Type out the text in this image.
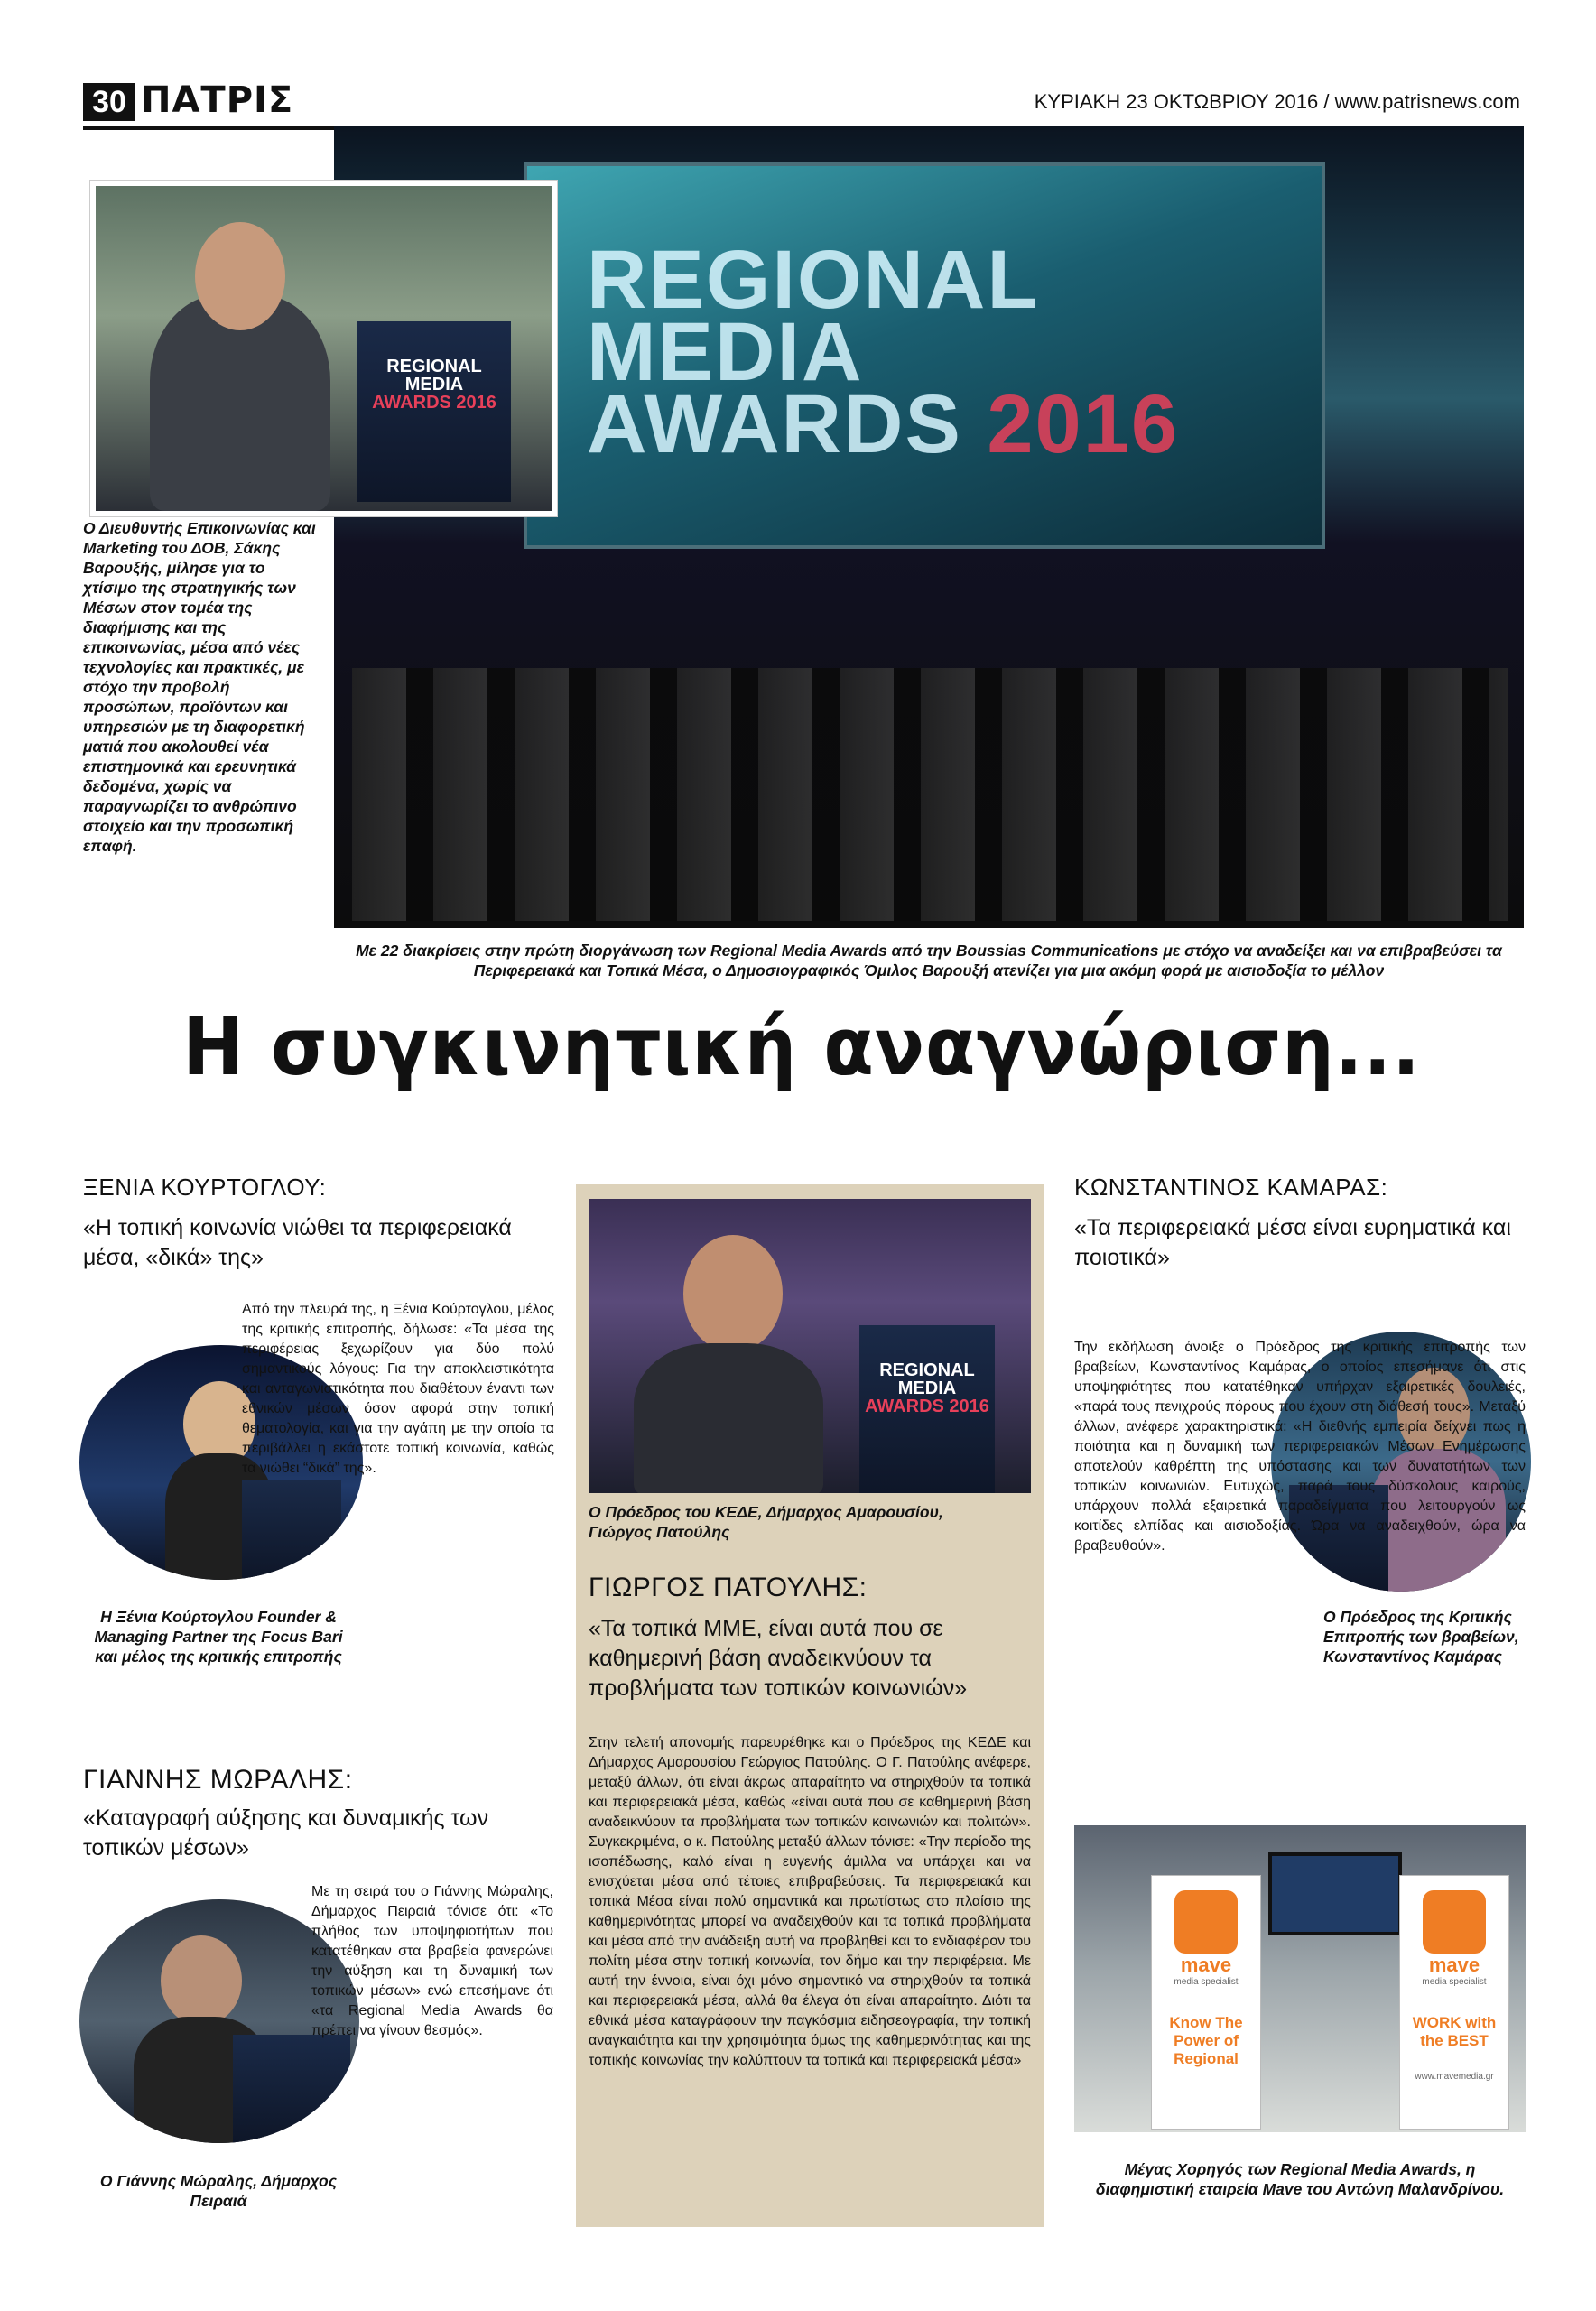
30 ΠΑΤΡΙΣ	ΚΥΡΙΑΚΗ 23 ΟΚΤΩΒΡΙΟΥ 2016 / www.patrisnews.com
REGIONAL
MEDIA
AWARDS 2016
REGIONAL
MEDIA
AWARDS 2016
Ο Διευθυντής Επικοινωνίας και Marketing του ΔΟΒ, Σάκης Βαρουξής, μίλησε για το χτίσιμο της στρατηγικής των Μέσων στον τομέα της διαφήμισης και της επικοινωνίας, μέσα από νέες τεχνολογίες και πρακτικές, με στόχο την προβολή προσώπων, προϊόντων και υπηρεσιών με τη διαφορετική ματιά που ακολουθεί νέα επιστημονικά και ερευνητικά δεδομένα, χωρίς να παραγνωρίζει το ανθρώπινο στοιχείο και την προσωπική επαφή.
Με 22 διακρίσεις στην πρώτη διοργάνωση των Regional Media Awards από την Boussias Communications με στόχο να αναδείξει και να επιβραβεύσει τα Περιφερειακά και Τοπικά Μέσα, ο Δημοσιογραφικός Όμιλος Βαρουξή ατενίζει για μια ακόμη φορά με αισιοδοξία το μέλλον
Η συγκινητική αναγνώριση...
ΞΕΝΙΑ ΚΟΥΡΤΟΓΛΟΥ:
«Η τοπική κοινωνία νιώθει τα περιφερειακά μέσα, «δικά» της»
Από την πλευρά της, η Ξένια Κούρτογλου, μέλος της κριτικής επιτροπής, δήλωσε: «Τα μέσα της περιφέρειας ξεχωρίζουν για δύο πολύ σημαντικούς λόγους: Για την αποκλειστικότητα και ανταγωνιστικότητα που διαθέτουν έναντι των εθνικών μέσων όσον αφορά στην τοπική θεματολογία, και για την αγάπη με την οποία τα περιβάλλει η εκάστοτε τοπική κοινωνία, καθώς τα νιώθει “δικά” της».
Η Ξένια Κούρτογλου Founder & Managing Partner της Focus Bari και μέλος της κριτικής επιτροπής
ΓΙΑΝΝΗΣ ΜΩΡΑΛΗΣ:
«Καταγραφή αύξησης και δυναμικής των τοπικών μέσων»
Με τη σειρά του ο Γιάννης Μώραλης, Δήμαρχος Πειραιά τόνισε ότι: «Το πλήθος των υποψηφιοτήτων που κατατέθηκαν στα βραβεία φανερώνει την αύξηση και τη δυναμική των τοπικών μέσων» ενώ επεσήμανε ότι «τα Regional Media Awards θα πρέπει να γίνουν θεσμός».
Ο Γιάννης Μώραλης, Δήμαρχος Πειραιά
REGIONAL
MEDIA
AWARDS 2016
Ο Πρόεδρος του ΚΕΔΕ, Δήμαρχος Αμαρουσίου, Γιώργος Πατούλης
ΓΙΩΡΓΟΣ ΠΑΤΟΥΛΗΣ:
«Τα τοπικά ΜΜΕ, είναι αυτά που σε καθημερινή βάση αναδεικνύουν τα προβλήματα των τοπικών κοινωνιών»
Στην τελετή απονομής παρευρέθηκε και ο Πρόεδρος της ΚΕΔΕ και Δήμαρχος Αμαρουσίου Γεώργιος Πατούλης. Ο Γ. Πατούλης ανέφερε, μεταξύ άλλων, ότι είναι άκρως απαραίτητο να στηριχθούν τα τοπικά και περιφερειακά μέσα, καθώς «είναι αυτά που σε καθημερινή βάση αναδεικνύουν τα προβλήματα των τοπικών κοινωνιών και πολιτών». Συγκεκριμένα, ο κ. Πατούλης μεταξύ άλλων τόνισε: «Την περίοδο της ισοπέδωσης, καλό είναι η ευγενής άμιλλα να υπάρχει και να ενισχύεται μέσα από τέτοιες επιβραβεύσεις. Τα περιφερειακά και τοπικά Μέσα είναι πολύ σημαντικά και πρωτίστως στο πλαίσιο της καθημερινότητας μπορεί να αναδειχθούν και τα τοπικά προβλήματα και μέσα από την ανάδειξη αυτή να προβληθεί και το ενδιαφέρον του πολίτη μέσα στην τοπική κοινωνία, τον δήμο και την περιφέρεια. Με αυτή την έννοια, είναι όχι μόνο σημαντικό να στηριχθούν τα τοπικά και περιφερειακά μέσα, αλλά θα έλεγα ότι είναι απαραίτητο. Διότι τα εθνικά μέσα καταγράφουν την παγκόσμια ειδησεογραφία, την τοπική αναγκαιότητα και την χρησιμότητα όμως της καθημερινότητας και της τοπικής κοινωνίας την καλύπτουν τα τοπικά και περιφερειακά μέσα»
ΚΩΝΣΤΑΝΤΙΝΟΣ ΚΑΜΑΡΑΣ:
«Τα περιφερειακά μέσα είναι ευρηματικά και ποιοτικά»
Την εκδήλωση άνοιξε ο Πρόεδρος της κριτικής επιτροπής των βραβείων, Κωνσταντίνος Καμάρας, ο οποίος επεσήμανε ότι στις υποψηφιότητες που κατατέθηκαν υπήρχαν εξαιρετικές δουλειές, «παρά τους πενιχρούς πόρους που έχουν στη διάθεσή τους». Μεταξύ άλλων, ανέφερε χαρακτηριστικά: «Η διεθνής εμπειρία δείχνει πως η ποιότητα και η δυναμική των περιφερειακών Μέσων Ενημέρωσης αποτελούν καθρέπτη της υπόστασης και των δυνατοτήτων των τοπικών κοινωνιών. Ευτυχώς, παρά τους δύσκολους καιρούς, υπάρχουν πολλά εξαιρετικά παραδείγματα που λειτουργούν ως κοιτίδες ελπίδας και αισιοδοξίας. Ώρα να αναδειχθούν, ώρα να βραβευθούν».
Ο Πρόεδρος της Κριτικής Επιτροπής των βραβείων, Κωνσταντίνος Καμάρας
mave
media specialist
Know The Power of Regional
mave
media specialist
WORK with the BEST
www.mavemedia.gr
Μέγας Χορηγός των Regional Media Awards, η διαφημιστική εταιρεία Mave του Αντώνη Μαλανδρίνου.
